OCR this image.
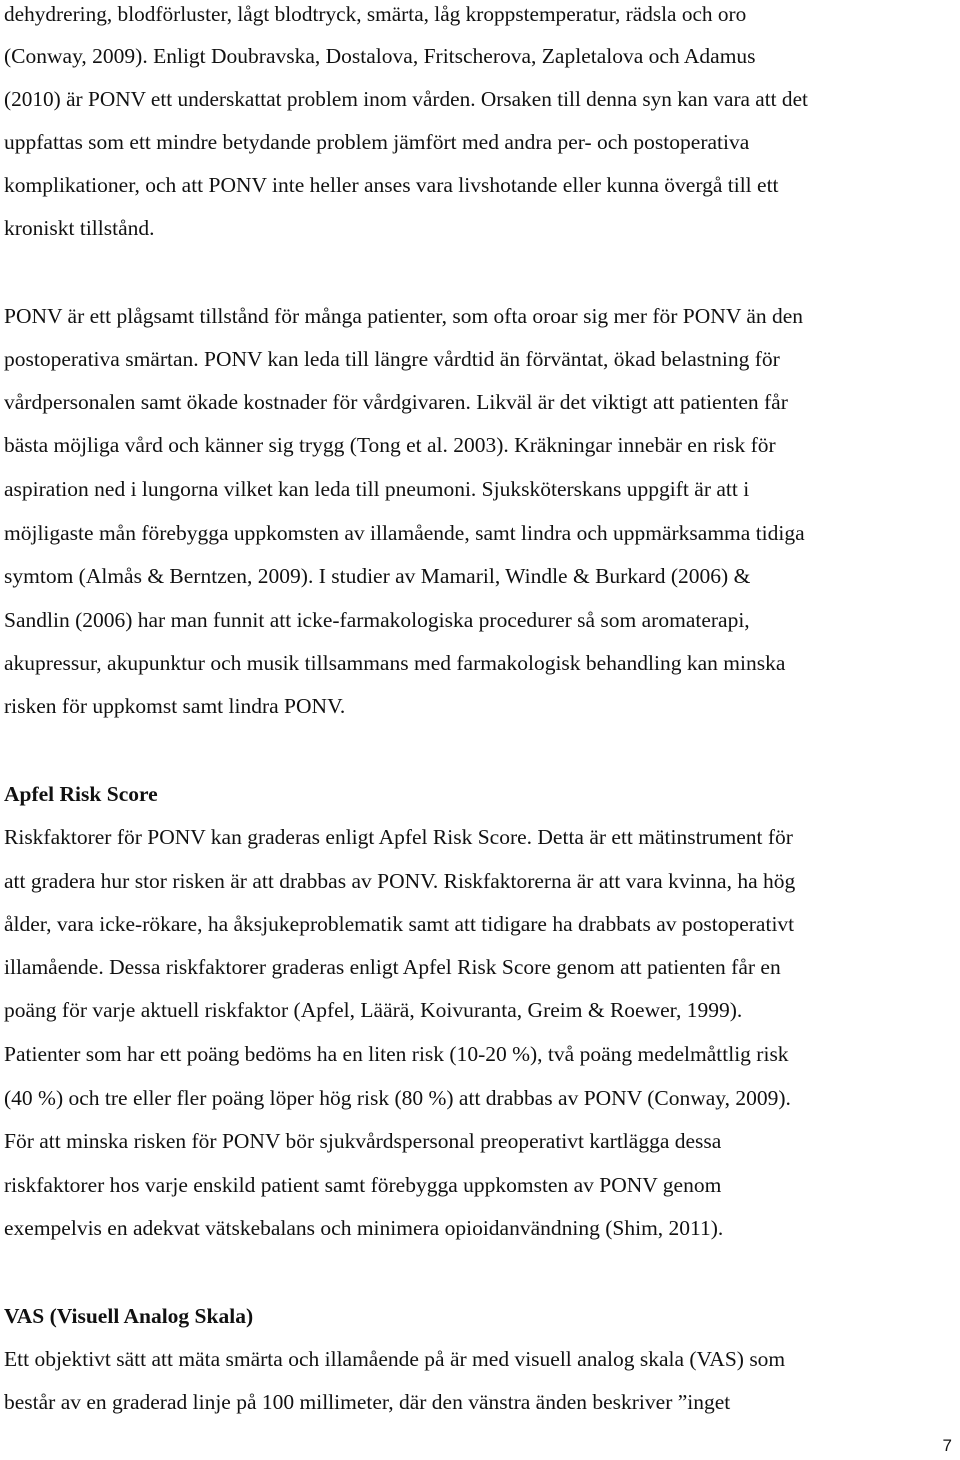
dehydrering, blodförluster, lågt blodtryck, smärta, låg kroppstemperatur, rädsla och oro
(Conway, 2009). Enligt Doubravska, Dostalova, Fritscherova, Zapletalova och Adamus
(2010) är PONV ett underskattat problem inom vården. Orsaken till denna syn kan vara att det
uppfattas som ett mindre betydande problem jämfört med andra per- och postoperativa
komplikationer, och att PONV inte heller anses vara livshotande eller kunna övergå till ett
kroniskt tillstånd.
PONV är ett plågsamt tillstånd för många patienter, som ofta oroar sig mer för PONV än den
postoperativa smärtan. PONV kan leda till längre vårdtid än förväntat, ökad belastning för
vårdpersonalen samt ökade kostnader för vårdgivaren. Likväl är det viktigt att patienten får
bästa möjliga vård och känner sig trygg (Tong et al. 2003). Kräkningar innebär en risk för
aspiration ned i lungorna vilket kan leda till pneumoni. Sjuksköterskans uppgift är att i
möjligaste mån förebygga uppkomsten av illamående, samt lindra och uppmärksamma tidiga
symtom (Almås & Berntzen, 2009). I studier av Mamaril, Windle & Burkard (2006) &
Sandlin (2006) har man funnit att icke-farmakologiska procedurer så som aromaterapi,
akupressur, akupunktur och musik tillsammans med farmakologisk behandling kan minska
risken för uppkomst samt lindra PONV.
Apfel Risk Score
Riskfaktorer för PONV kan graderas enligt Apfel Risk Score. Detta är ett mätinstrument för
att gradera hur stor risken är att drabbas av PONV. Riskfaktorerna är att vara kvinna, ha hög
ålder, vara icke-rökare, ha åksjukeproblematik samt att tidigare ha drabbats av postoperativt
illamående. Dessa riskfaktorer graderas enligt Apfel Risk Score genom att patienten får en
poäng för varje aktuell riskfaktor (Apfel, Läärä, Koivuranta, Greim & Roewer, 1999).
Patienter som har ett poäng bedöms ha en liten risk (10-20 %), två poäng medelmåttlig risk
(40 %) och tre eller fler poäng löper hög risk (80 %) att drabbas av PONV (Conway, 2009).
För att minska risken för PONV bör sjukvårdspersonal preoperativt kartlägga dessa
riskfaktorer hos varje enskild patient samt förebygga uppkomsten av PONV genom
exempelvis en adekvat vätskebalans och minimera opioidanvändning (Shim, 2011).
VAS (Visuell Analog Skala)
Ett objektivt sätt att mäta smärta och illamående på är med visuell analog skala (VAS) som
består av en graderad linje på 100 millimeter, där den vänstra änden beskriver ”inget
7
